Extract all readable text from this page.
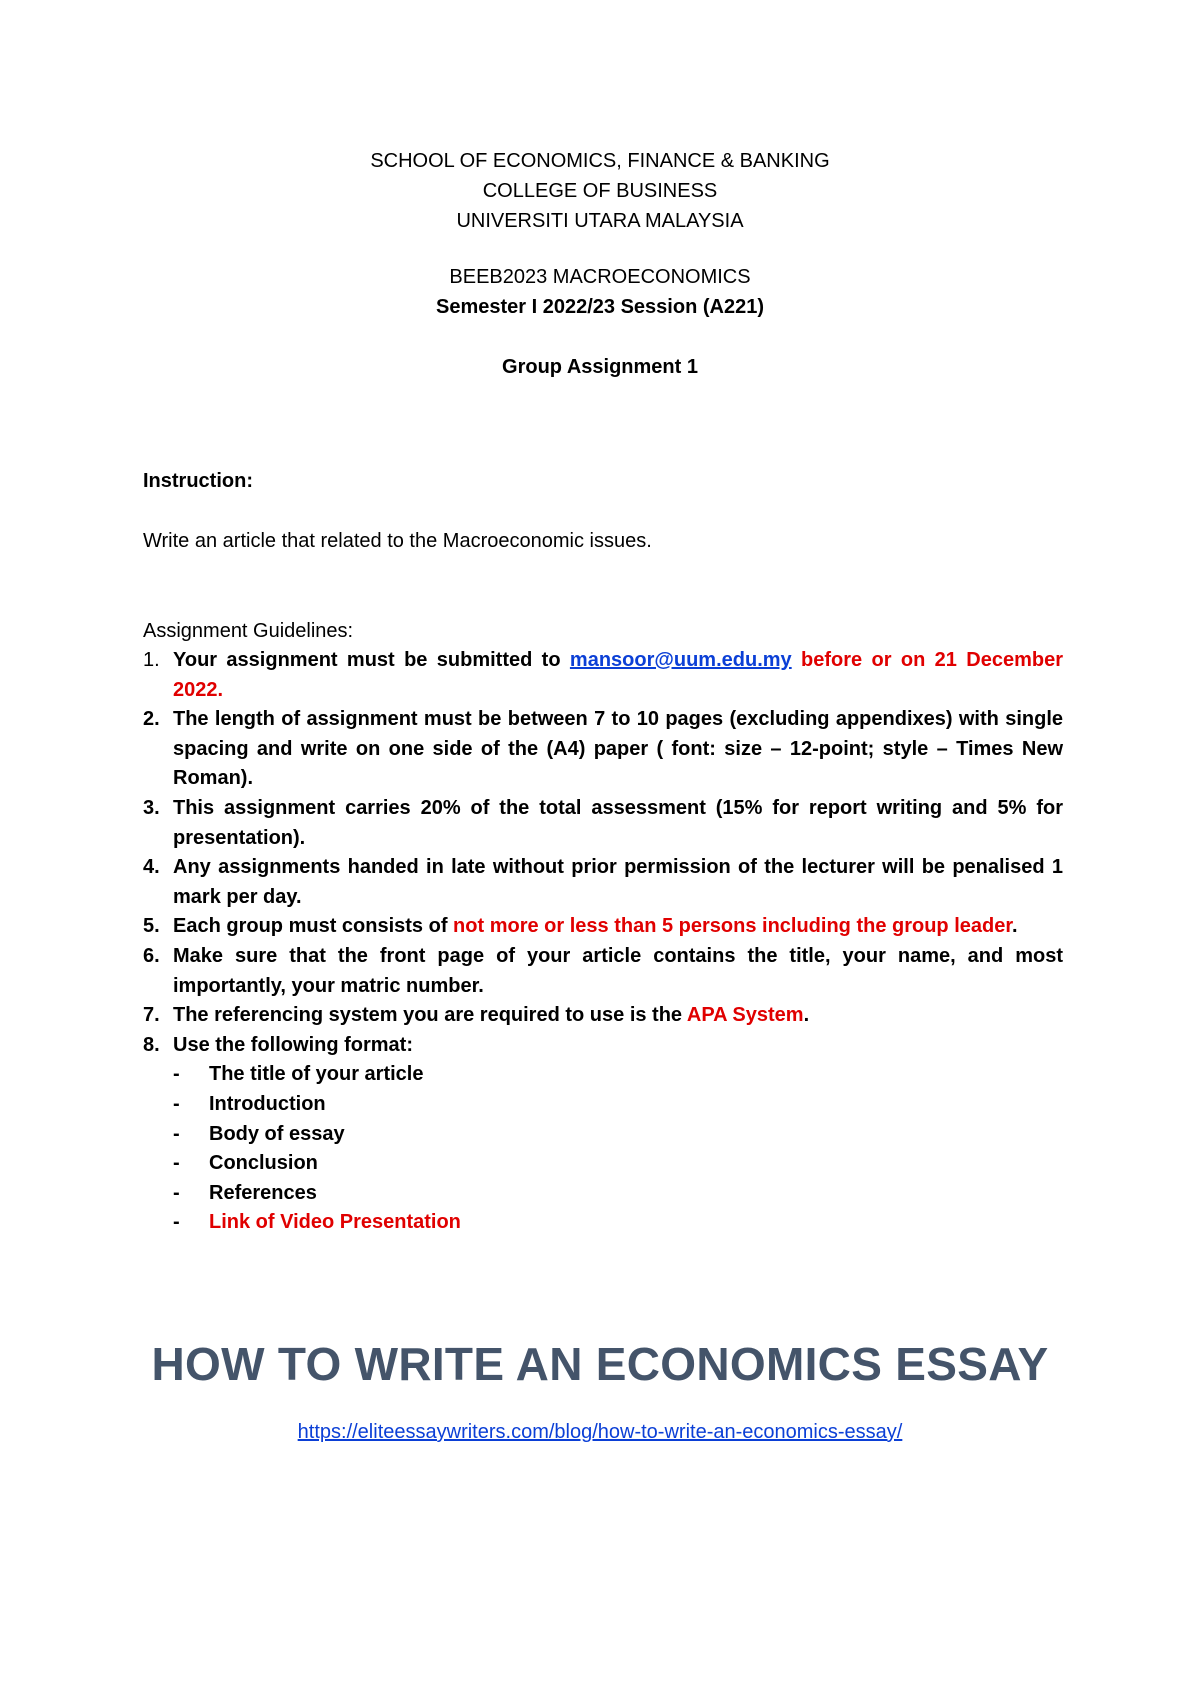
SCHOOL OF ECONOMICS, FINANCE & BANKING
COLLEGE OF BUSINESS
UNIVERSITI UTARA MALAYSIA
BEEB2023 MACROECONOMICS
Semester I 2022/23 Session (A221)
Group Assignment 1
Instruction:
Write an article that related to the Macroeconomic issues.
Assignment Guidelines:
1. Your assignment must be submitted to mansoor@uum.edu.my before or on 21 December 2022.
2. The length of assignment must be between 7 to 10 pages (excluding appendixes) with single spacing and write on one side of the (A4) paper ( font: size – 12-point; style – Times New Roman).
3. This assignment carries 20% of the total assessment (15% for report writing and 5% for presentation).
4. Any assignments handed in late without prior permission of the lecturer will be penalised 1 mark per day.
5. Each group must consists of not more or less than 5 persons including the group leader.
6. Make sure that the front page of your article contains the title, your name, and most importantly, your matric number.
7. The referencing system you are required to use is the APA System.
8. Use the following format:
- The title of your article
- Introduction
- Body of essay
- Conclusion
- References
- Link of Video Presentation
HOW TO WRITE AN ECONOMICS ESSAY
https://eliteessaywriters.com/blog/how-to-write-an-economics-essay/
